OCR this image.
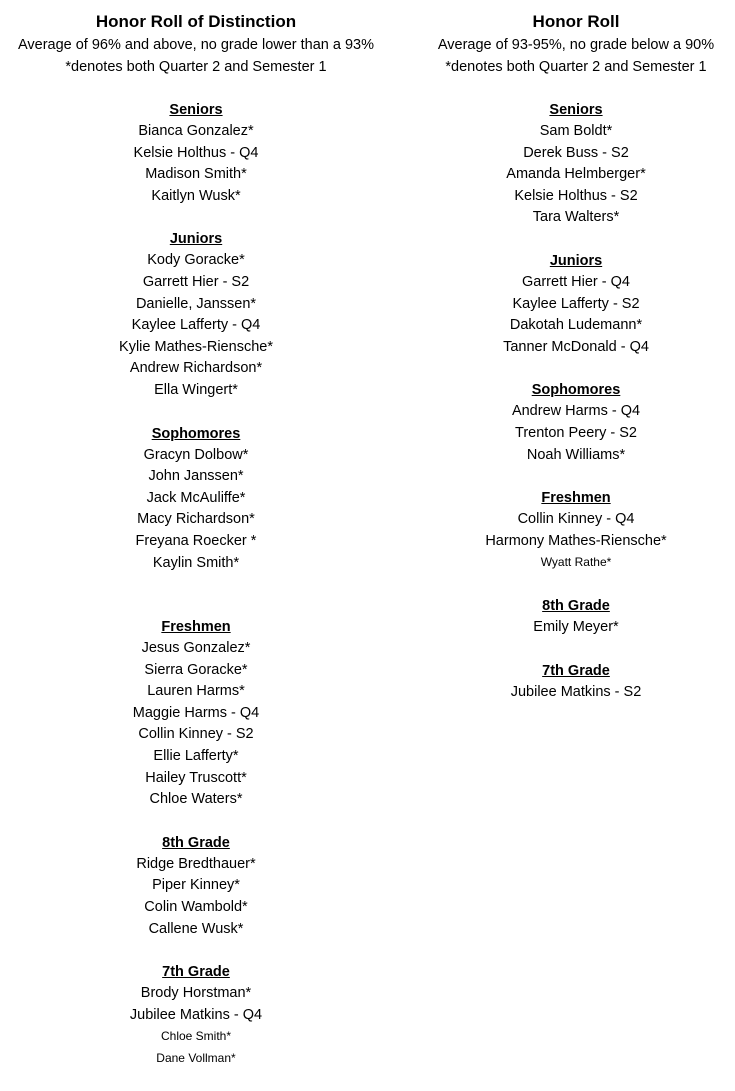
Honor Roll of Distinction
Average of 96% and above, no grade lower than a 93%
*denotes both Quarter 2 and Semester 1
Seniors
Bianca Gonzalez*
Kelsie Holthus - Q4
Madison Smith*
Kaitlyn Wusk*
Juniors
Kody Goracke*
Garrett Hier - S2
Danielle, Janssen*
Kaylee Lafferty - Q4
Kylie Mathes-Riensche*
Andrew Richardson*
Ella Wingert*
Sophomores
Gracyn Dolbow*
John Janssen*
Jack McAuliffe*
Macy Richardson*
Freyana Roecker *
Kaylin Smith*
Freshmen
Jesus Gonzalez*
Sierra Goracke*
Lauren Harms*
Maggie Harms - Q4
Collin Kinney - S2
Ellie Lafferty*
Hailey Truscott*
Chloe Waters*
8th Grade
Ridge Bredthauer*
Piper Kinney*
Colin Wambold*
Callene Wusk*
7th Grade
Brody Horstman*
Jubilee Matkins - Q4
Chloe Smith*
Dane Vollman*
Honor Roll
Average of 93-95%, no grade below a 90%
*denotes both Quarter 2 and Semester 1
Seniors
Sam Boldt*
Derek Buss - S2
Amanda Helmberger*
Kelsie Holthus - S2
Tara Walters*
Juniors
Garrett Hier - Q4
Kaylee Lafferty - S2
Dakotah Ludemann*
Tanner McDonald - Q4
Sophomores
Andrew Harms - Q4
Trenton Peery - S2
Noah Williams*
Freshmen
Collin Kinney - Q4
Harmony Mathes-Riensche*
Wyatt Rathe*
8th Grade
Emily Meyer*
7th Grade
Jubilee Matkins - S2
